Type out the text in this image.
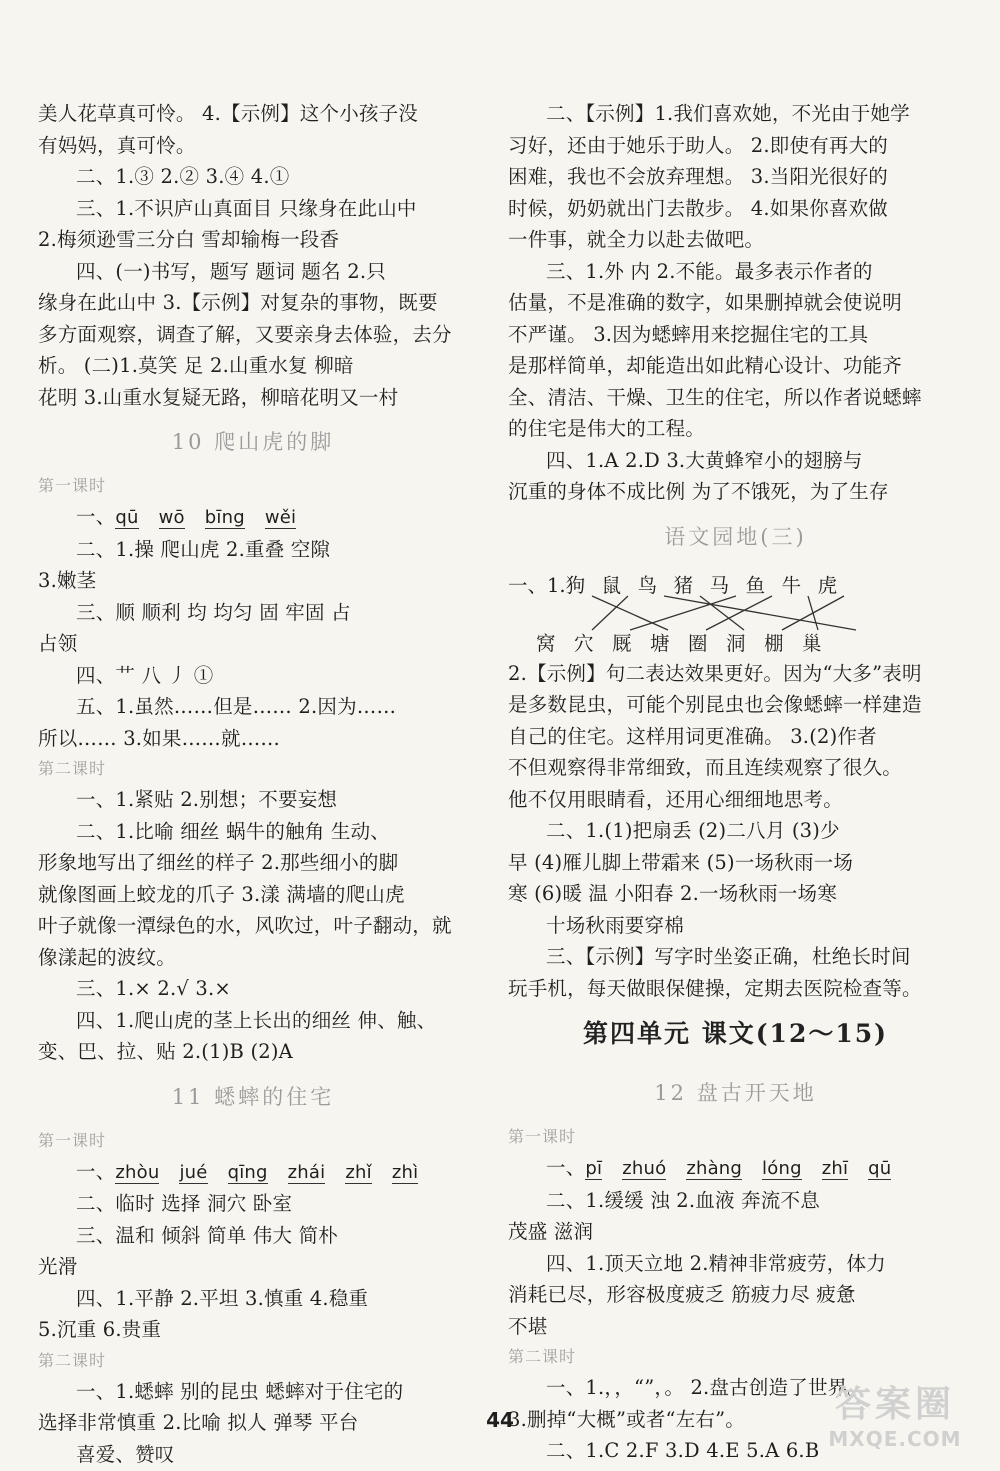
美人花草真可怜。 4.【示例】这个小孩子没
有妈妈，真可怜。
二、1.③ 2.② 3.④ 4.①
三、1.不识庐山真面目 只缘身在此山中
2.梅须逊雪三分白 雪却输梅一段香
四、(一)书写，题写 题词 题名 2.只
缘身在此山中 3.【示例】对复杂的事物，既要
多方面观察，调查了解，又要亲身去体验，去分
析。 (二)1.莫笑 足 2.山重水复 柳暗
花明 3.山重水复疑无路，柳暗花明又一村
10 爬山虎的脚
第一课时
一、qū wō bīng wěi
二、1.操 爬山虎 2.重叠 空隙
3.嫩茎
三、顺 顺利 均 均匀 固 牢固 占
占领
四、艹 八 丿 ①
五、1.虽然……但是…… 2.因为……
所以…… 3.如果……就……
第二课时
一、1.紧贴 2.别想；不要妄想
二、1.比喻 细丝 蜗牛的触角 生动、
形象地写出了细丝的样子 2.那些细小的脚
就像图画上蛟龙的爪子 3.漾 满墙的爬山虎
叶子就像一潭绿色的水，风吹过，叶子翻动，就
像漾起的波纹。
三、1.× 2.√ 3.×
四、1.爬山虎的茎上长出的细丝 伸、触、
变、巴、拉、贴 2.(1)B (2)A
11 蟋蟀的住宅
第一课时
一、zhòu jué qīng zhái zhǐ zhì
二、临时 选择 洞穴 卧室
三、温和 倾斜 简单 伟大 简朴
光滑
四、1.平静 2.平坦 3.慎重 4.稳重
5.沉重 6.贵重
第二课时
一、1.蟋蟀 别的昆虫 蟋蟀对于住宅的
选择非常慎重 2.比喻 拟人 弹琴 平台
喜爱、赞叹
二、【示例】1.我们喜欢她，不光由于她学
习好，还由于她乐于助人。 2.即使有再大的
困难，我也不会放弃理想。 3.当阳光很好的
时候，奶奶就出门去散步。 4.如果你喜欢做
一件事，就全力以赴去做吧。
三、1.外 内 2.不能。最多表示作者的
估量，不是准确的数字，如果删掉就会使说明
不严谨。 3.因为蟋蟀用来挖掘住宅的工具
是那样简单，却能造出如此精心设计、功能齐
全、清洁、干燥、卫生的住宅，所以作者说蟋蟀
的住宅是伟大的工程。
四、1.A 2.D 3.大黄蜂窄小的翅膀与
沉重的身体不成比例 为了不饿死，为了生存
语文园地(三)
一、1.狗 鼠 鸟 猪 马 鱼 牛 虎
窝 穴 厩 塘 圈 洞 棚 巢
2.【示例】句二表达效果更好。因为“大多”表明
是多数昆虫，可能个别昆虫也会像蟋蟀一样建造
自己的住宅。这样用词更准确。 3.(2)作者
不但观察得非常细致，而且连续观察了很久。
他不仅用眼睛看，还用心细细地思考。
二、1.(1)把扇丢 (2)二八月 (3)少
早 (4)雁儿脚上带霜来 (5)一场秋雨一场
寒 (6)暖 温 小阳春 2.一场秋雨一场寒
十场秋雨要穿棉
三、【示例】写字时坐姿正确，杜绝长时间
玩手机，每天做眼保健操，定期去医院检查等。
第四单元 课文(12～15)
12 盘古开天地
第一课时
一、pī zhuó zhàng lóng zhī qū
二、1.缓缓 浊 2.血液 奔流不息
茂盛 滋润
四、1.顶天立地 2.精神非常疲劳，体力
消耗已尽，形容极度疲乏 筋疲力尽 疲惫
不堪
第二课时
一、1.，，“”，。 2.盘古创造了世界。
3.删掉“大概”或者“左右”。
二、1.C 2.F 3.D 4.E 5.A 6.B
44	答案圈
MXQE.COM
